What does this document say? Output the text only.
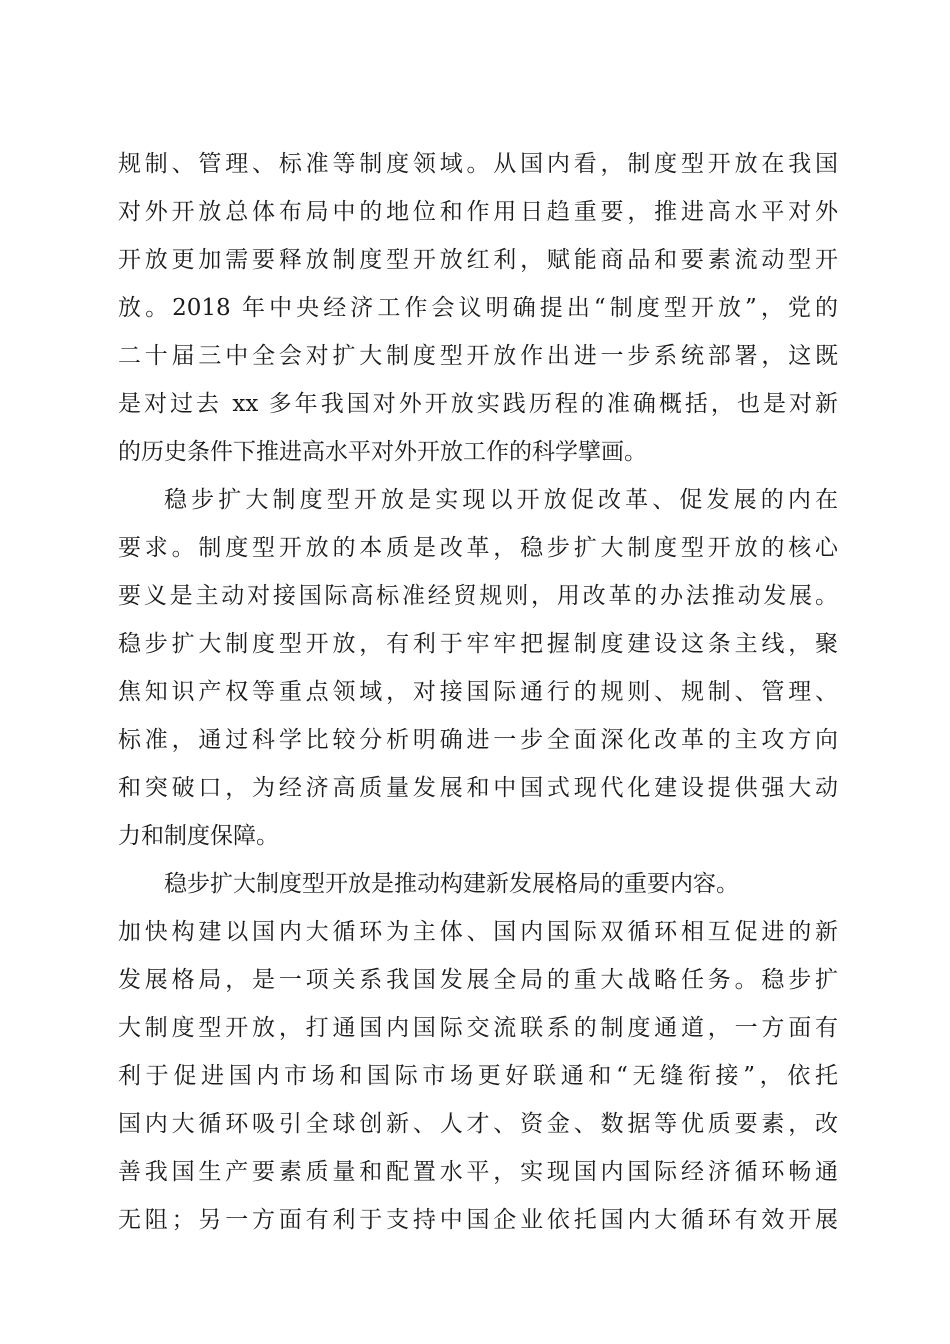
规制、管理、标准等制度领域。从国内看，制度型开放在我国
对外开放总体布局中的地位和作用日趋重要，推进高水平对外
开放更加需要释放制度型开放红利，赋能商品和要素流动型开
放。2018 年中央经济工作会议明确提出“制度型开放”，党的
二十届三中全会对扩大制度型开放作出进一步系统部署，这既
是对过去 xx 多年我国对外开放实践历程的准确概括，也是对新
的历史条件下推进高水平对外开放工作的科学擘画。
稳步扩大制度型开放是实现以开放促改革、促发展的内在
要求。制度型开放的本质是改革，稳步扩大制度型开放的核心
要义是主动对接国际高标准经贸规则，用改革的办法推动发展。
稳步扩大制度型开放，有利于牢牢把握制度建设这条主线，聚
焦知识产权等重点领域，对接国际通行的规则、规制、管理、
标准，通过科学比较分析明确进一步全面深化改革的主攻方向
和突破口，为经济高质量发展和中国式现代化建设提供强大动
力和制度保障。
稳步扩大制度型开放是推动构建新发展格局的重要内容。
加快构建以国内大循环为主体、国内国际双循环相互促进的新
发展格局，是一项关系我国发展全局的重大战略任务。稳步扩
大制度型开放，打通国内国际交流联系的制度通道，一方面有
利于促进国内市场和国际市场更好联通和“无缝衔接”，依托
国内大循环吸引全球创新、人才、资金、数据等优质要素，改
善我国生产要素质量和配置水平，实现国内国际经济循环畅通
无阻；另一方面有利于支持中国企业依托国内大循环有效开展
